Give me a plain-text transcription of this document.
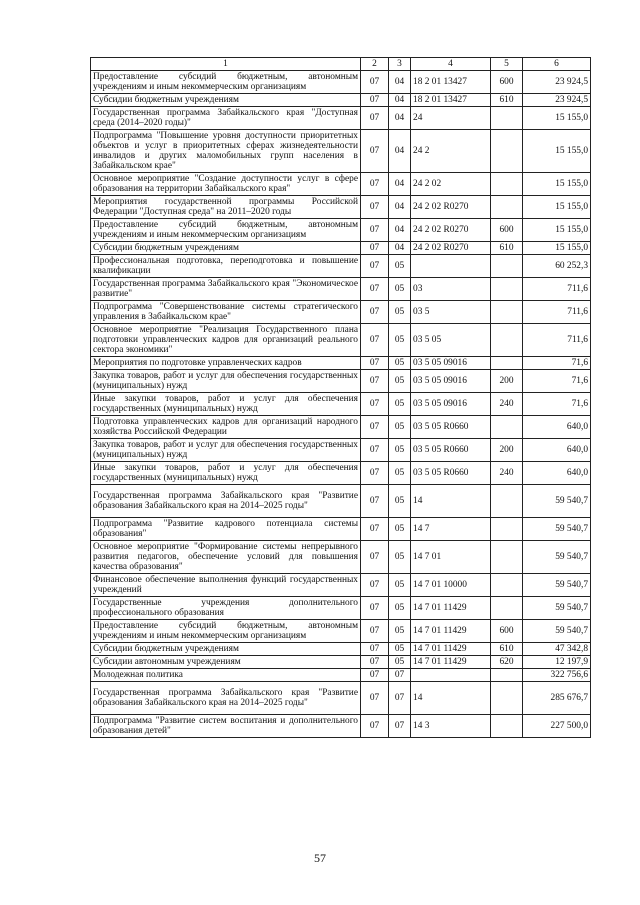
1	2	3	4	5	6
Предоставление субсидий бюджетным, автономным учреждениям и иным некоммерческим организациям	07	04	18 2 01 13427	600	23 924,5
Субсидии бюджетным учреждениям	07	04	18 2 01 13427	610	23 924,5
Государственная программа Забайкальского края "Доступная среда (2014–2020 годы)"	07	04	24		15 155,0
Подпрограмма "Повышение уровня доступности приоритетных объектов и услуг в приоритетных сферах жизнедеятельности инвалидов и других маломобильных групп населения в Забайкальском крае"	07	04	24 2		15 155,0
Основное мероприятие "Создание доступности услуг в сфере образования на территории Забайкальского края"	07	04	24 2 02		15 155,0
Мероприятия государственной программы Российской Федерации "Доступная среда" на 2011–2020 годы	07	04	24 2 02 R0270		15 155,0
Предоставление субсидий бюджетным, автономным учреждениям и иным некоммерческим организациям	07	04	24 2 02 R0270	600	15 155,0
Субсидии бюджетным учреждениям	07	04	24 2 02 R0270	610	15 155,0
Профессиональная подготовка, переподготовка и повышение квалификации	07	05			60 252,3
Государственная программа Забайкальского края "Экономическое развитие"	07	05	03		711,6
Подпрограмма "Совершенствование системы стратегического управления в Забайкальском крае"	07	05	03 5		711,6
Основное мероприятие "Реализация Государственного плана подготовки управленческих кадров для организаций реального сектора экономики"	07	05	03 5 05		711,6
Мероприятия по подготовке управленческих кадров	07	05	03 5 05 09016		71,6
Закупка товаров, работ и услуг для обеспечения государственных (муниципальных) нужд	07	05	03 5 05 09016	200	71,6
Иные закупки товаров, работ и услуг для обеспечения государственных (муниципальных) нужд	07	05	03 5 05 09016	240	71,6
Подготовка управленческих кадров для организаций народного хозяйства Российской Федерации	07	05	03 5 05 R0660		640,0
Закупка товаров, работ и услуг для обеспечения государственных (муниципальных) нужд	07	05	03 5 05 R0660	200	640,0
Иные закупки товаров, работ и услуг для обеспечения государственных (муниципальных) нужд	07	05	03 5 05 R0660	240	640,0
Государственная программа Забайкальского края "Развитие образования Забайкальского края на 2014–2025 годы"	07	05	14		59 540,7
Подпрограмма "Развитие кадрового потенциала системы образования"	07	05	14 7		59 540,7
Основное мероприятие "Формирование системы непрерывного развития педагогов, обеспечение условий для повышения качества образования"	07	05	14 7 01		59 540,7
Финансовое обеспечение выполнения функций государственных учреждений	07	05	14 7 01 10000		59 540,7
Государственные учреждения дополнительного профессионального образования	07	05	14 7 01 11429		59 540,7
Предоставление субсидий бюджетным, автономным учреждениям и иным некоммерческим организациям	07	05	14 7 01 11429	600	59 540,7
Субсидии бюджетным учреждениям	07	05	14 7 01 11429	610	47 342,8
Субсидии автономным учреждениям	07	05	14 7 01 11429	620	12 197,9
Молодежная политика	07	07			322 756,6
Государственная программа Забайкальского края "Развитие образования Забайкальского края на 2014–2025 годы"	07	07	14		285 676,7
Подпрограмма "Развитие систем воспитания и дополнительного образования детей"	07	07	14 3		227 500,0
57
